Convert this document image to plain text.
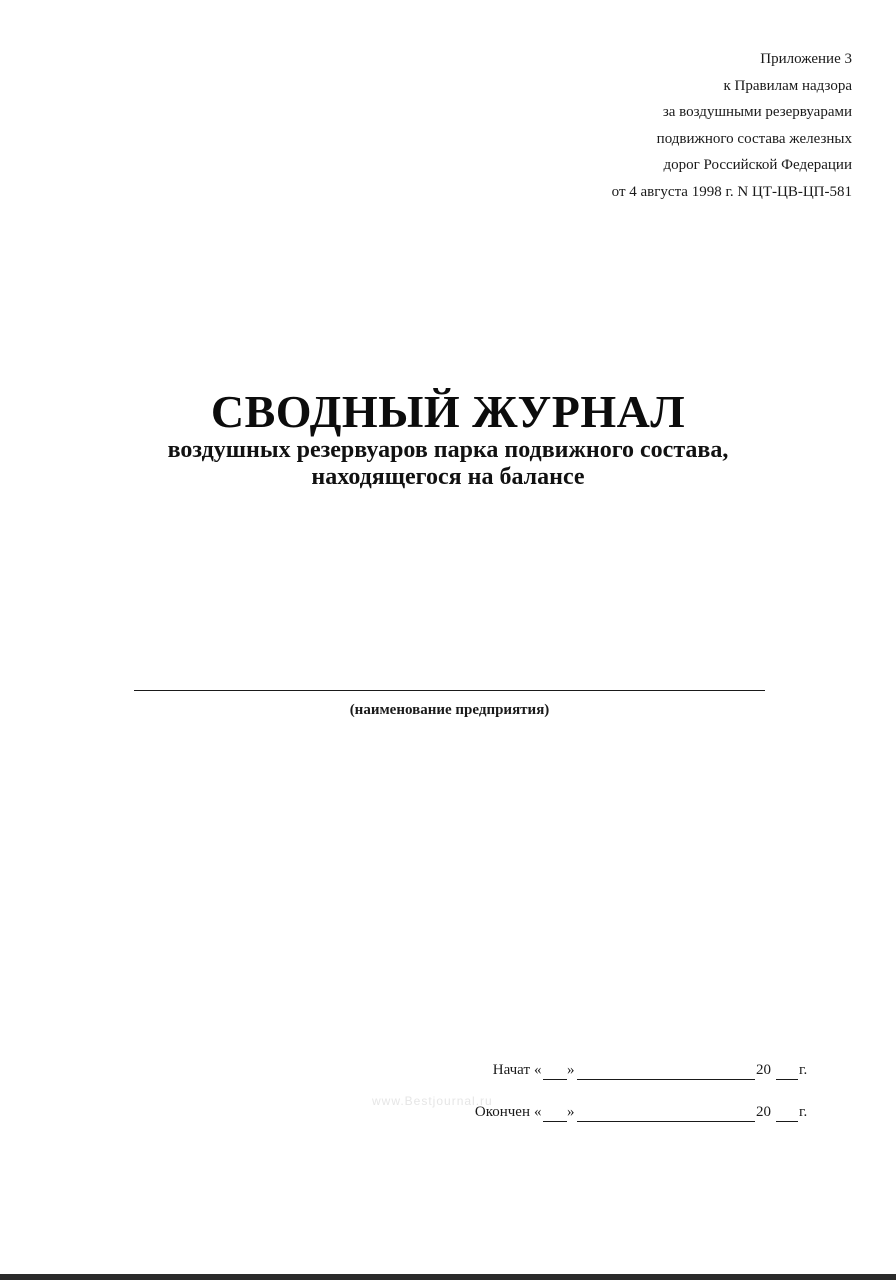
Приложение 3
к Правилам надзора
за воздушными резервуарами
подвижного состава железных
дорог Российской Федерации
от 4 августа 1998 г. N ЦТ-ЦВ-ЦП-581
СВОДНЫЙ ЖУРНАЛ
воздушных резервуаров парка подвижного состава,
находящегося на балансе
(наименование предприятия)
Начат « »	20 г.
www.Bestjournal.ru
Окончен « »	20 г.
